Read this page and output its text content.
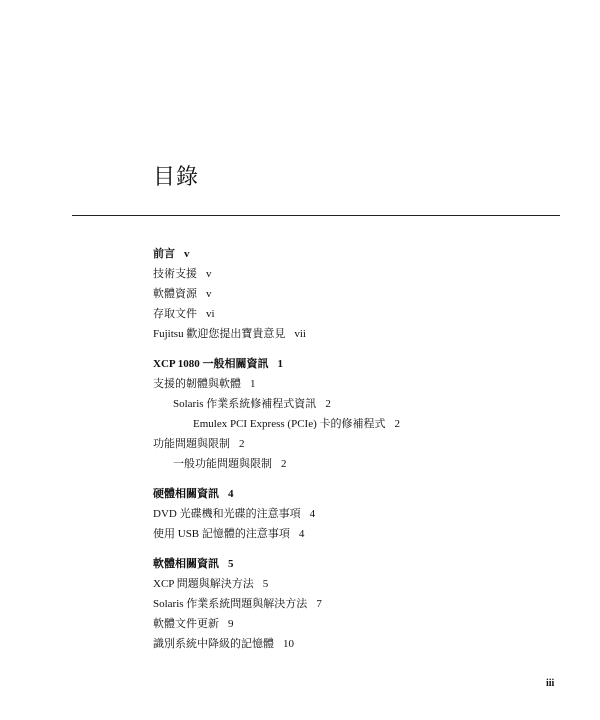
目錄
前言 v
技術支援 v
軟體資源 v
存取文件 vi
Fujitsu 歡迎您提出寶貴意見 vii
XCP 1080 一般相關資訊 1
支援的韌體與軟體 1
Solaris 作業系統修補程式資訊 2
Emulex PCI Express (PCIe) 卡的修補程式 2
功能問題與限制 2
一般功能問題與限制 2
硬體相關資訊 4
DVD 光碟機和光碟的注意事項 4
使用 USB 記憶體的注意事項 4
軟體相關資訊 5
XCP 問題與解決方法 5
Solaris 作業系統問題與解決方法 7
軟體文件更新 9
識別系統中降級的記憶體 10
iii
